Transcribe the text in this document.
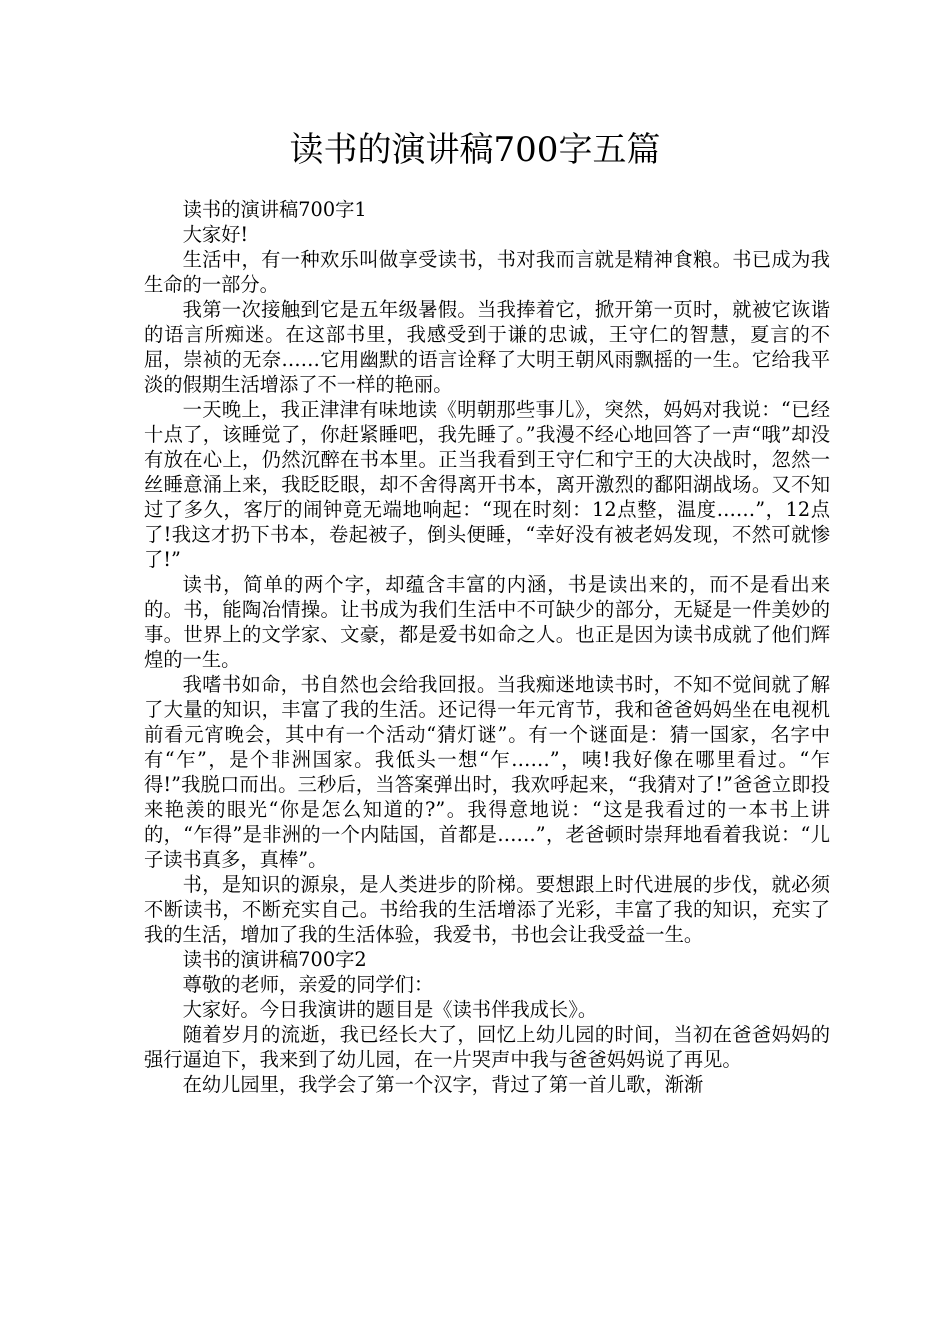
读书的演讲稿700字五篇

读书的演讲稿700字1

大家好!

生活中，有一种欢乐叫做享受读书，书对我而言就是精神食粮。书已成为我生命的一部分。

我第一次接触到它是五年级暑假。当我捧着它，掀开第一页时，就被它诙谐的语言所痴迷。在这部书里，我感受到于谦的忠诚，王守仁的智慧，夏言的不屈，崇祯的无奈……它用幽默的语言诠释了大明王朝风雨飘摇的一生。它给我平淡的假期生活增添了不一样的艳丽。

一天晚上，我正津津有味地读《明朝那些事儿》，突然，妈妈对我说：“已经十点了，该睡觉了，你赶紧睡吧，我先睡了。”我漫不经心地回答了一声“哦”却没有放在心上，仍然沉醉在书本里。正当我看到王守仁和宁王的大决战时，忽然一丝睡意涌上来，我眨眨眼，却不舍得离开书本，离开激烈的鄱阳湖战场。又不知过了多久，客厅的闹钟竟无端地响起：“现在时刻：12点整，温度……”，12点了!我这才扔下书本，卷起被子，倒头便睡，“幸好没有被老妈发现，不然可就惨了!”

读书，简单的两个字，却蕴含丰富的内涵，书是读出来的，而不是看出来的。书，能陶冶情操。让书成为我们生活中不可缺少的部分，无疑是一件美妙的事。世界上的文学家、文豪，都是爱书如命之人。也正是因为读书成就了他们辉煌的一生。

我嗜书如命，书自然也会给我回报。当我痴迷地读书时，不知不觉间就了解了大量的知识，丰富了我的生活。还记得一年元宵节，我和爸爸妈妈坐在电视机前看元宵晚会，其中有一个活动“猜灯谜”。有一个谜面是：猜一国家，名字中有“乍”，是个非洲国家。我低头一想“乍……”，咦!我好像在哪里看过。“乍得!”我脱口而出。三秒后，当答案弹出时，我欢呼起来，“我猜对了!”爸爸立即投来艳羡的眼光“你是怎么知道的?”。我得意地说：“这是我看过的一本书上讲的，“乍得”是非洲的一个内陆国，首都是……”，老爸顿时崇拜地看着我说：“儿子读书真多，真棒”。

书，是知识的源泉，是人类进步的阶梯。要想跟上时代进展的步伐，就必须不断读书，不断充实自己。书给我的生活增添了光彩，丰富了我的知识，充实了我的生活，增加了我的生活体验，我爱书，书也会让我受益一生。

读书的演讲稿700字2

尊敬的老师，亲爱的同学们：

大家好。今日我演讲的题目是《读书伴我成长》。

随着岁月的流逝，我已经长大了，回忆上幼儿园的时间，当初在爸爸妈妈的强行逼迫下，我来到了幼儿园，在一片哭声中我与爸爸妈妈说了再见。

在幼儿园里，我学会了第一个汉字，背过了第一首儿歌，渐渐
